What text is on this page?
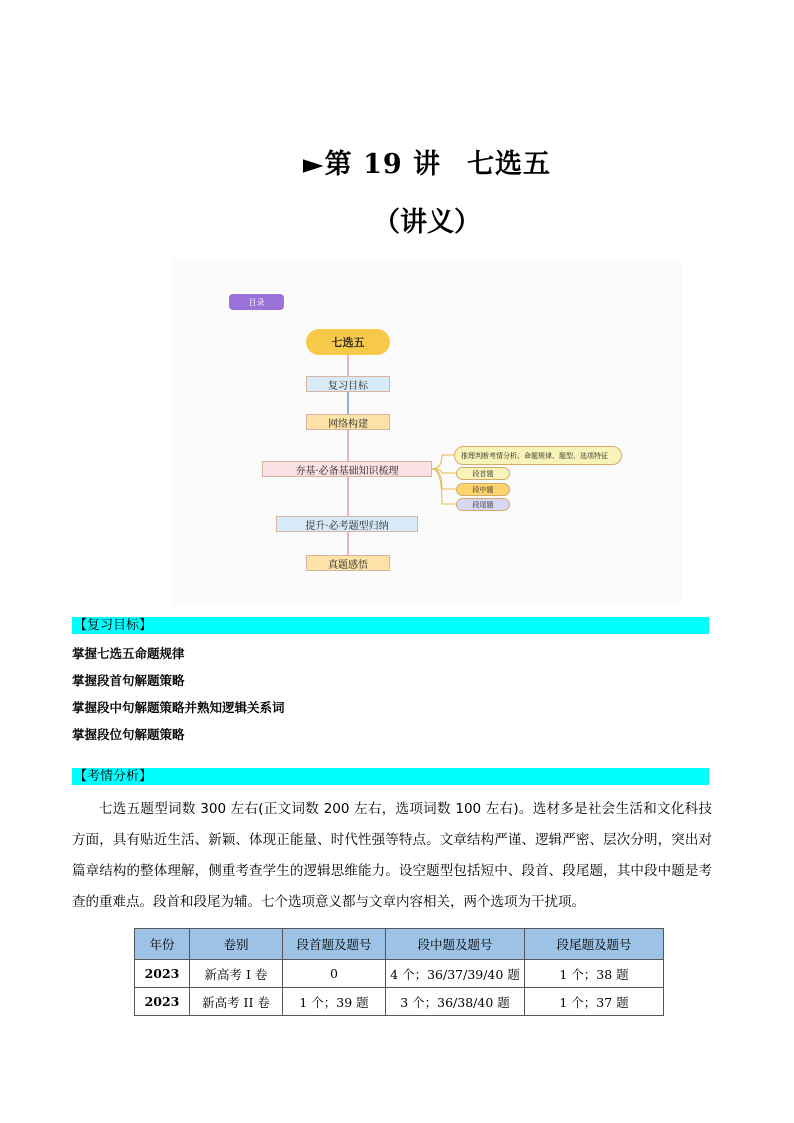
►第 19 讲 七选五
（讲义）
目录
七选五
复习目标
网络构建
夯基·必备基础知识梳理
提升·必考题型归纳
真题感悟
推理判断考情分析、命题规律、题型、选项特征
段首题
段中题
段尾题
【复习目标】
掌握七选五命题规律
掌握段首句解题策略
掌握段中句解题策略并熟知逻辑关系词
掌握段位句解题策略
【考情分析】
七选五题型词数 300 左右(正文词数 200 左右，选项词数 100 左右)。选材多是社会生活和文化科技方面，具有贴近生活、新颖、体现正能量、时代性强等特点。文章结构严谨、逻辑严密、层次分明，突出对篇章结构的整体理解，侧重考查学生的逻辑思维能力。设空题型包括短中、段首、段尾题，其中段中题是考查的重难点。段首和段尾为辅。七个选项意义都与文章内容相关，两个选项为干扰项。
年份	卷别	段首题及题号	段中题及题号	段尾题及题号
2023	新高考 I 卷	0	4 个；36/37/39/40 题	1 个；38 题
2023	新高考 II 卷	1 个；39 题	3 个；36/38/40 题	1 个；37 题
